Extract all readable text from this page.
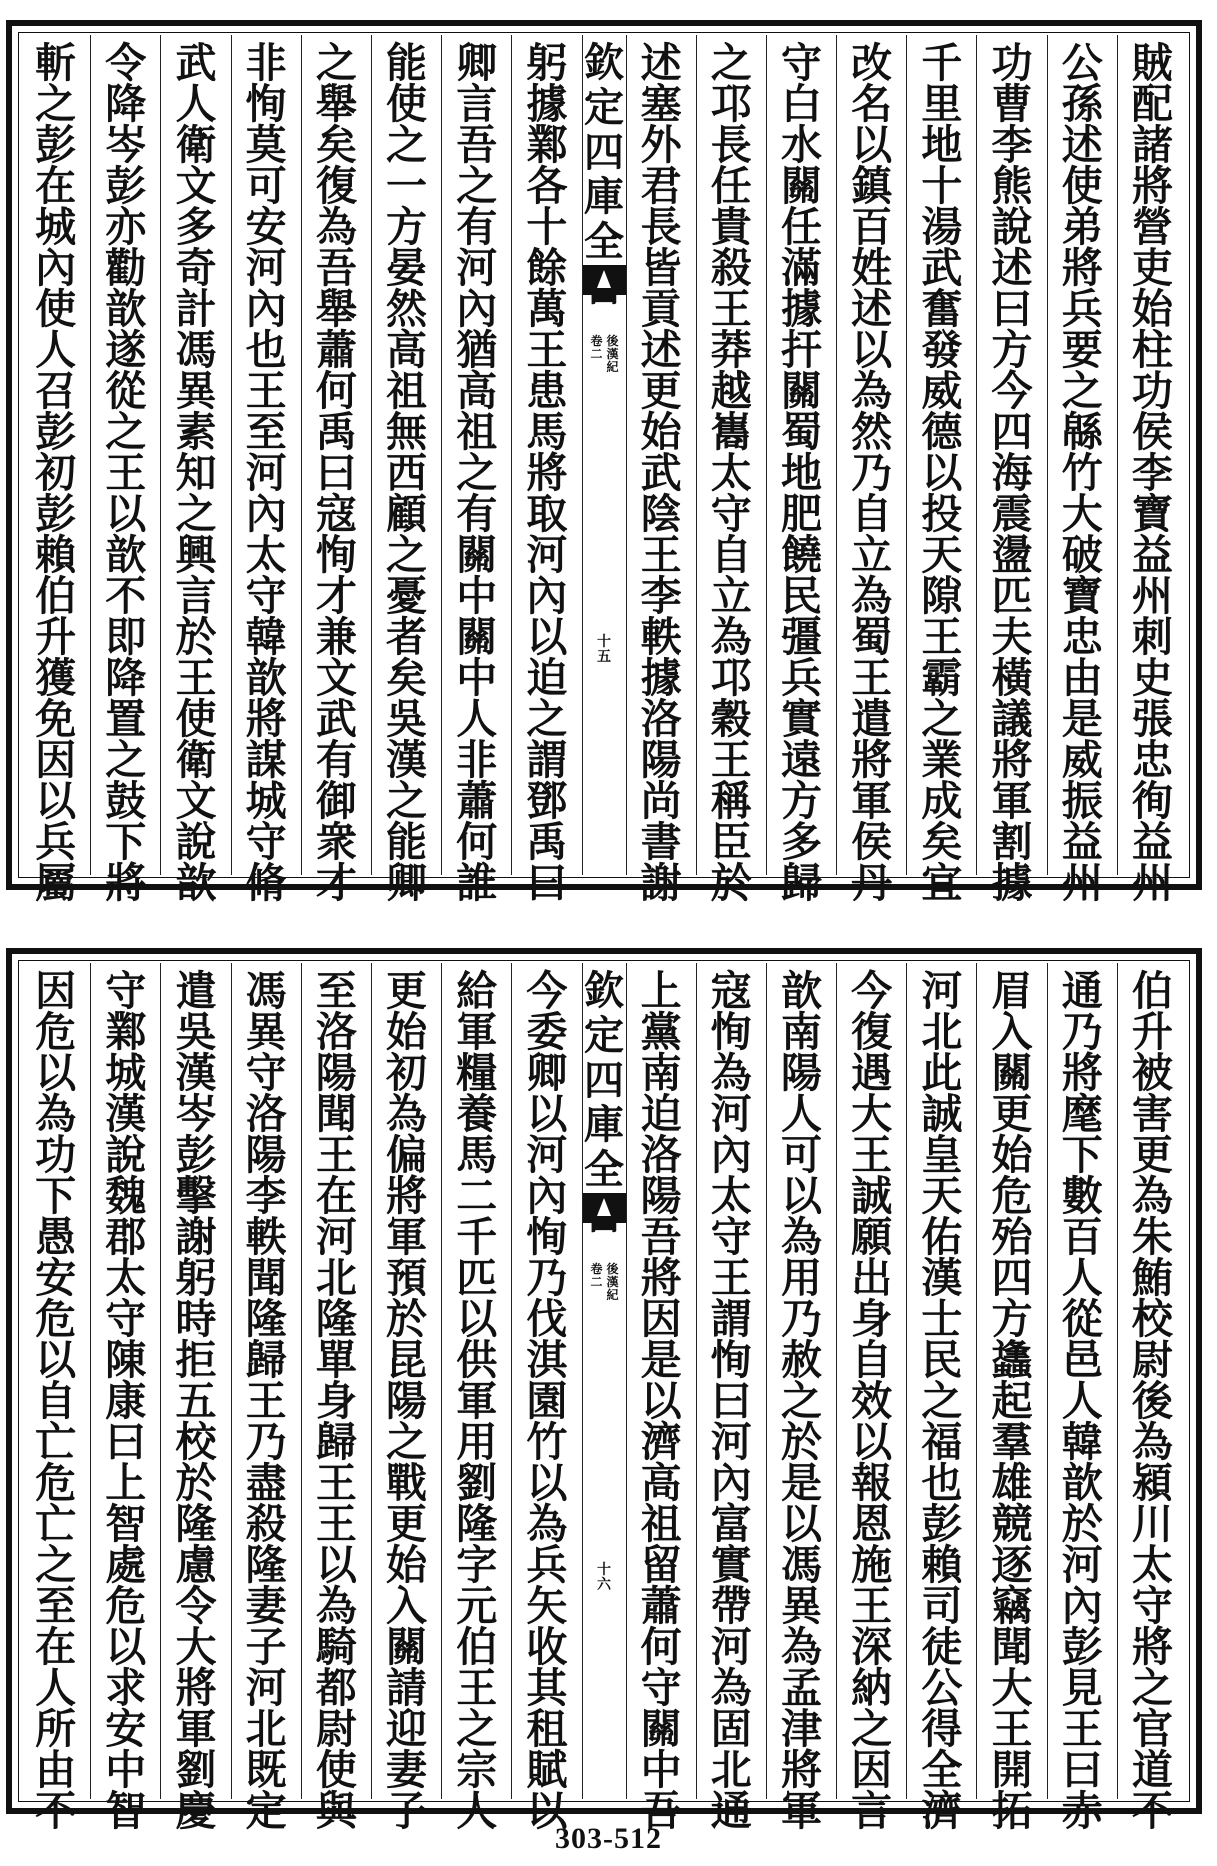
賊
配
諸
將
營
吏
始
柱
功
侯
李
寶
益
州
刺
史
張
忠
徇
益
州
公
孫
述
使
弟
將
兵
要
之
緜
竹
大
破
寶
忠
由
是
威
振
益
州
功
曹
李
熊
說
述
曰
方
今
四
海
震
盪
匹
夫
橫
議
將
軍
割
據
千
里
地
十
湯
武
奮
發
威
德
以
投
天
隙
王
霸
之
業
成
矣
宜
改
名
以
鎮
百
姓
述
以
為
然
乃
自
立
為
蜀
王
遣
將
軍
侯
丹
守
白
水
關
任
滿
據
扞
關
蜀
地
肥
饒
民
彊
兵
實
遠
方
多
歸
之
邛
長
任
貴
殺
王
莽
越
巂
太
守
自
立
為
邛
穀
王
稱
臣
於
述
塞
外
君
長
皆
貢
述
更
始
武
陰
王
李
軼
據
洛
陽
尚
書
謝
欽
定
四
庫
全
後
漢
紀
卷
二
十
五
躬
據
鄴
各
十
餘
萬
王
患
馬
將
取
河
內
以
迫
之
謂
鄧
禹
曰
卿
言
吾
之
有
河
內
猶
高
祖
之
有
關
中
關
中
人
非
蕭
何
誰
能
使
之
一
方
晏
然
高
祖
無
西
顧
之
憂
者
矣
吳
漢
之
能
卿
之
舉
矣
復
為
吾
舉
蕭
何
禹
曰
寇
恂
才
兼
文
武
有
御
衆
才
非
恂
莫
可
安
河
內
也
王
至
河
內
太
守
韓
歆
將
謀
城
守
脩
武
人
衛
文
多
奇
計
馮
異
素
知
之
興
言
於
王
使
衛
文
說
歆
令
降
岑
彭
亦
勸
歆
遂
從
之
王
以
歆
不
即
降
置
之
鼓
下
將
斬
之
彭
在
城
內
使
人
召
彭
初
彭
賴
伯
升
獲
免
因
以
兵
屬
伯
升
被
害
更
為
朱
鮪
校
尉
後
為
潁
川
太
守
將
之
官
道
不
通
乃
將
麾
下
數
百
人
從
邑
人
韓
歆
於
河
內
彭
見
王
曰
赤
眉
入
關
更
始
危
殆
四
方
蠭
起
羣
雄
競
逐
竊
聞
大
王
開
拓
河
北
此
誠
皇
天
佑
漢
士
民
之
福
也
彭
賴
司
徒
公
得
全
濟
今
復
遇
大
王
誠
願
出
身
自
效
以
報
恩
施
王
深
納
之
因
言
歆
南
陽
人
可
以
為
用
乃
赦
之
於
是
以
馮
異
為
孟
津
將
軍
寇
恂
為
河
內
太
守
王
謂
恂
曰
河
內
富
實
帶
河
為
固
北
通
上
黨
南
迫
洛
陽
吾
將
因
是
以
濟
高
祖
留
蕭
何
守
關
中
吾
欽
定
四
庫
全
後
漢
紀
卷
二
十
六
今
委
卿
以
河
內
恂
乃
伐
淇
園
竹
以
為
兵
矢
收
其
租
賦
以
給
軍
糧
養
馬
二
千
匹
以
供
軍
用
劉
隆
字
元
伯
王
之
宗
人
更
始
初
為
偏
將
軍
預
於
昆
陽
之
戰
更
始
入
關
請
迎
妻
子
至
洛
陽
聞
王
在
河
北
隆
單
身
歸
王
王
以
為
騎
都
尉
使
與
馮
異
守
洛
陽
李
軼
聞
隆
歸
王
乃
盡
殺
隆
妻
子
河
北
既
定
遣
吳
漢
岑
彭
擊
謝
躬
時
拒
五
校
於
隆
慮
令
大
將
軍
劉
慶
守
鄴
城
漢
說
魏
郡
太
守
陳
康
曰
上
智
處
危
以
求
安
中
智
因
危
以
為
功
下
愚
安
危
以
自
亡
危
亡
之
至
在
人
所
由
不
303-512
